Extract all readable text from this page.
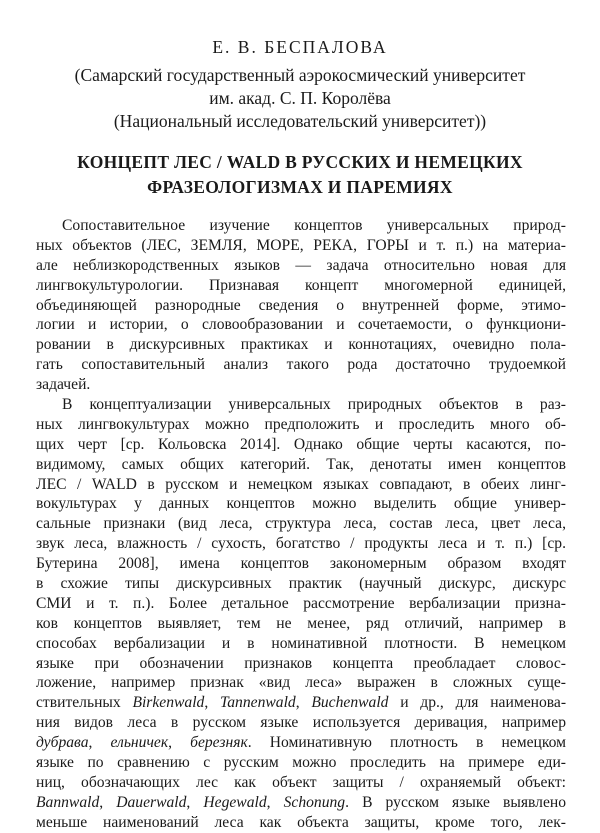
Е. В. БЕСПАЛОВА
(Самарский государственный аэрокосмический университет
им. акад. С. П. Королёва
(Национальный исследовательский университет))
КОНЦЕПТ ЛЕС / WALD В РУССКИХ И НЕМЕЦКИХ
ФРАЗЕОЛОГИЗМАХ И ПАРЕМИЯХ
Сопоставительное изучение концептов универсальных природ-
ных объектов (ЛЕС, ЗЕМЛЯ, МОРЕ, РЕКА, ГОРЫ и т. п.) на материа-
але неблизкородственных языков — задача относительно новая для
лингвокультурологии. Признавая концепт многомерной единицей,
объединяющей разнородные сведения о внутренней форме, этимо-
логии и истории, о словообразовании и сочетаемости, о функциони-
ровании в дискурсивных практиках и коннотациях, очевидно пола-
гать сопоставительный анализ такого рода достаточно трудоемкой
задачей.
В концептуализации универсальных природных объектов в раз-
ных лингвокультурах можно предположить и проследить много об-
щих черт [ср. Кольовска 2014]. Однако общие черты касаются, по-
видимому, самых общих категорий. Так, денотаты имен концептов
ЛЕС / WALD в русском и немецком языках совпадают, в обеих линг-
вокультурах у данных концептов можно выделить общие универ-
сальные признаки (вид леса, структура леса, состав леса, цвет леса,
звук леса, влажность / сухость, богатство / продукты леса и т. п.) [ср.
Бутерина 2008], имена концептов закономерным образом входят
в схожие типы дискурсивных практик (научный дискурс, дискурс
СМИ и т. п.). Более детальное рассмотрение вербализации призна-
ков концептов выявляет, тем не менее, ряд отличий, например в
способах вербализации и в номинативной плотности. В немецком
языке при обозначении признаков концепта преобладает словос-
ложение, например признак «вид леса» выражен в сложных суще-
ствительных Birkenwald, Tannenwald, Buchenwald и др., для наименова-
ния видов леса в русском языке используется деривация, например
дубрава, ельничек, березняк. Номинативную плотность в немецком
языке по сравнению с русским можно проследить на примере еди-
ниц, обозначающих лес как объект защиты / охраняемый объект:
Bannwald, Dauerwald, Hegewald, Schonung. В русском языке выявлено
меньше наименований леса как объекта защиты, кроме того, лек-
